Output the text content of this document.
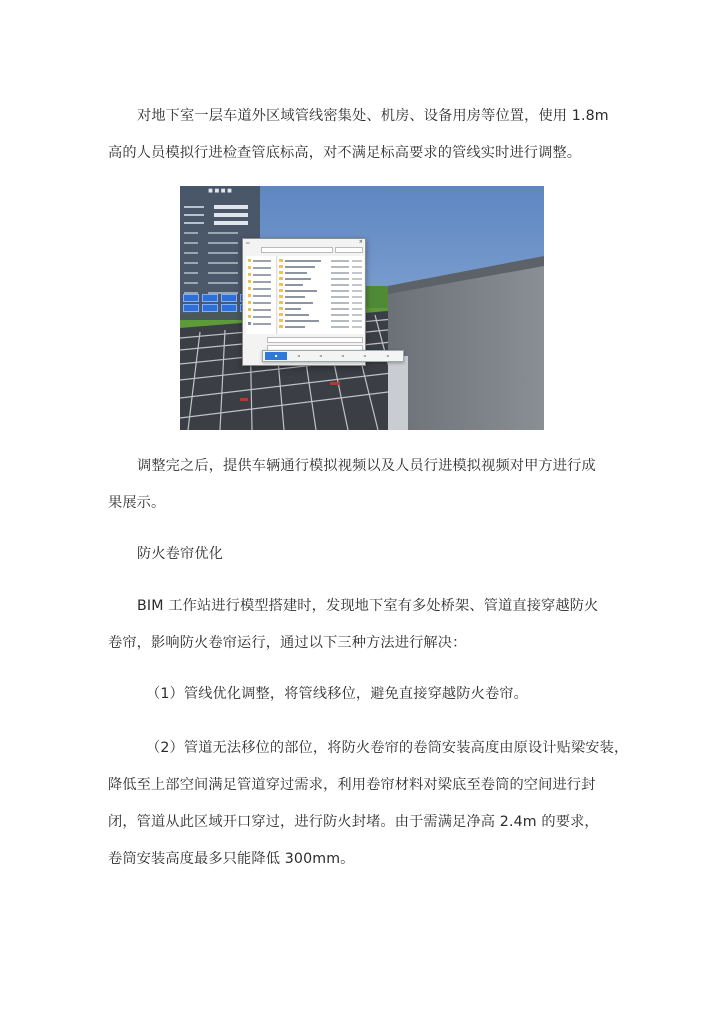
对地下室一层车道外区域管线密集处、机房、设备用房等位置，使用 1.8m
高的人员模拟行进检查管底标高，对不满足标高要求的管线实时进行调整。

■ ■ ■ ■
▭	×
▪	▫	▫	▫	▫	▫

调整完之后，提供车辆通行模拟视频以及人员行进模拟视频对甲方进行成
果展示。

防火卷帘优化

BIM 工作站进行模型搭建时，发现地下室有多处桥架、管道直接穿越防火
卷帘，影响防火卷帘运行，通过以下三种方法进行解决：

（1）管线优化调整，将管线移位，避免直接穿越防火卷帘。

（2）管道无法移位的部位，将防火卷帘的卷筒安装高度由原设计贴梁安装，
降低至上部空间满足管道穿过需求，利用卷帘材料对梁底至卷筒的空间进行封
闭，管道从此区域开口穿过，进行防火封堵。由于需满足净高 2.4m 的要求，
卷筒安装高度最多只能降低 300mm。
